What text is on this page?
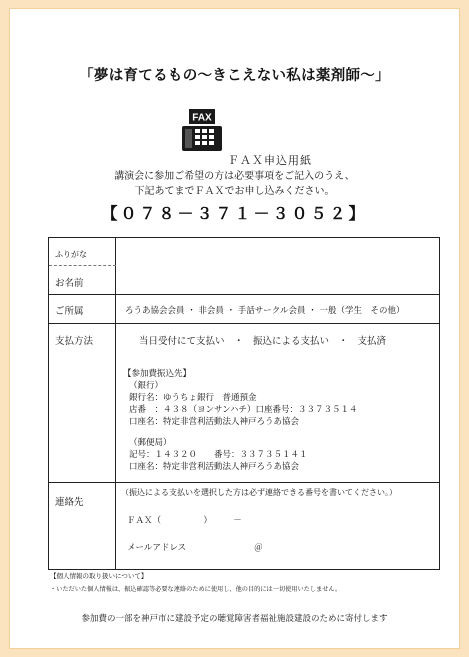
「夢は育てるもの～きこえない私は薬剤師～」
FAX
ＦＡＸ申込用紙
講演会に参加ご希望の方は必要事項をご記入のうえ、
下記あてまでＦＡＸでお申し込みください。
【０７８－３７１－３０５２】
ふりがな
お名前
ご所属	ろうあ協会会員 ・ 非会員 ・ 手話サークル会員 ・ 一般（学生　その他）
支払方法	当日受付にて支払い　・　振込による支払い　・　支払済
【参加費振込先】
（銀行）
銀行名：ゆうちょ銀行　普通預金
店番　：４３８（ヨンサンハチ）口座番号：３３７３５１４
口座名：特定非営利活動法人神戸ろうあ協会
（郵便局）
記号：１４３２０　　番号：３３７３５１４１
口座名：特定非営利活動法人神戸ろうあ協会
連絡先
（振込による支払いを選択した方は必ず連絡できる番号を書いてください。）
ＦＡＸ（　　　　　）　　　－
メールアドレス　　　　　　　　＠
【個人情報の取り扱いについて】
・いただいた個人情報は、振込確認等必要な連絡のために使用し、他の目的には一切使用いたしません。
参加費の一部を神戸市に建設予定の聴覚障害者福祉施設建設のために寄付します
